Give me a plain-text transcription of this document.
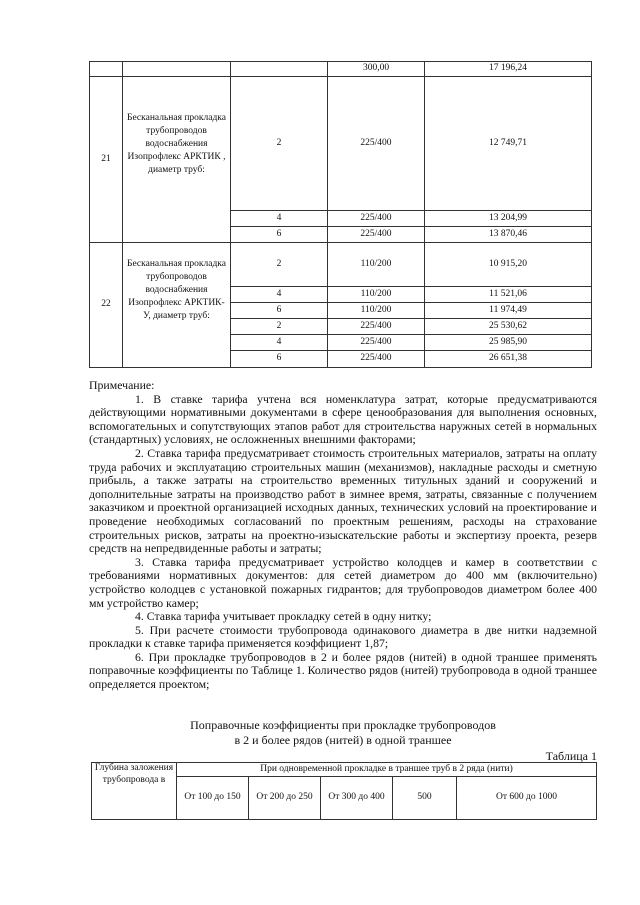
			300,00	17 196,24
21	Бесканальная прокладка трубопроводов водоснабжения Изопрофлекс АРКТИК , диаметр труб:	2	225/400	12 749,71
		4	225/400	13 204,99
		6	225/400	13 870,46
22	Бесканальная прокладка трубопроводов водоснабжения Изопрофлекс АРКТИК-У, диаметр труб:	2	110/200	10 915,20
		4	110/200	11 521,06
		6	110/200	11 974,49
		2	225/400	25 530,62
		4	225/400	25 985,90
		6	225/400	26 651,38

Примечание:

1. В ставке тарифа учтена вся номенклатура затрат, которые предусматриваются действующими нормативными документами в сфере ценообразования для выполнения основных, вспомогательных и сопутствующих этапов работ для строительства наружных сетей в нормальных (стандартных) условиях, не осложненных внешними факторами;

2. Ставка тарифа предусматривает стоимость строительных материалов, затраты на оплату труда рабочих и эксплуатацию строительных машин (механизмов), накладные расходы и сметную прибыль, а также затраты на строительство временных титульных зданий и сооружений и дополнительные затраты на производство работ в зимнее время, затраты, связанные с получением заказчиком и проектной организацией исходных данных, технических условий на проектирование и проведение необходимых согласований по проектным решениям, расходы на страхование строительных рисков, затраты на проектно-изыскательские работы и экспертизу проекта, резерв средств на непредвиденные работы и затраты;

3. Ставка тарифа предусматривает устройство колодцев и камер в соответствии с требованиями нормативных документов: для сетей диаметром до 400 мм (включительно) устройство колодцев с установкой пожарных гидрантов; для трубопроводов диаметром более 400 мм устройство камер;

4. Ставка тарифа учитывает прокладку сетей в одну нитку;

5. При расчете стоимости трубопровода одинакового диаметра в две нитки надземной прокладки к ставке тарифа применяется коэффициент 1,87;

6. При прокладке трубопроводов в 2 и более рядов (нитей) в одной траншее применять поправочные коэффициенты по Таблице 1. Количество рядов (нитей) трубопровода в одной траншее определяется проектом;

Поправочные коэффициенты при прокладке трубопроводов
в 2 и более рядов (нитей) в одной траншее
Таблица 1
Глубина заложения трубопровода в	При одновременной прокладке в траншее труб в 2 ряда (нити)				
	От 100 до 150	От 200 до 250	От 300 до 400	500	От 600 до 1000
